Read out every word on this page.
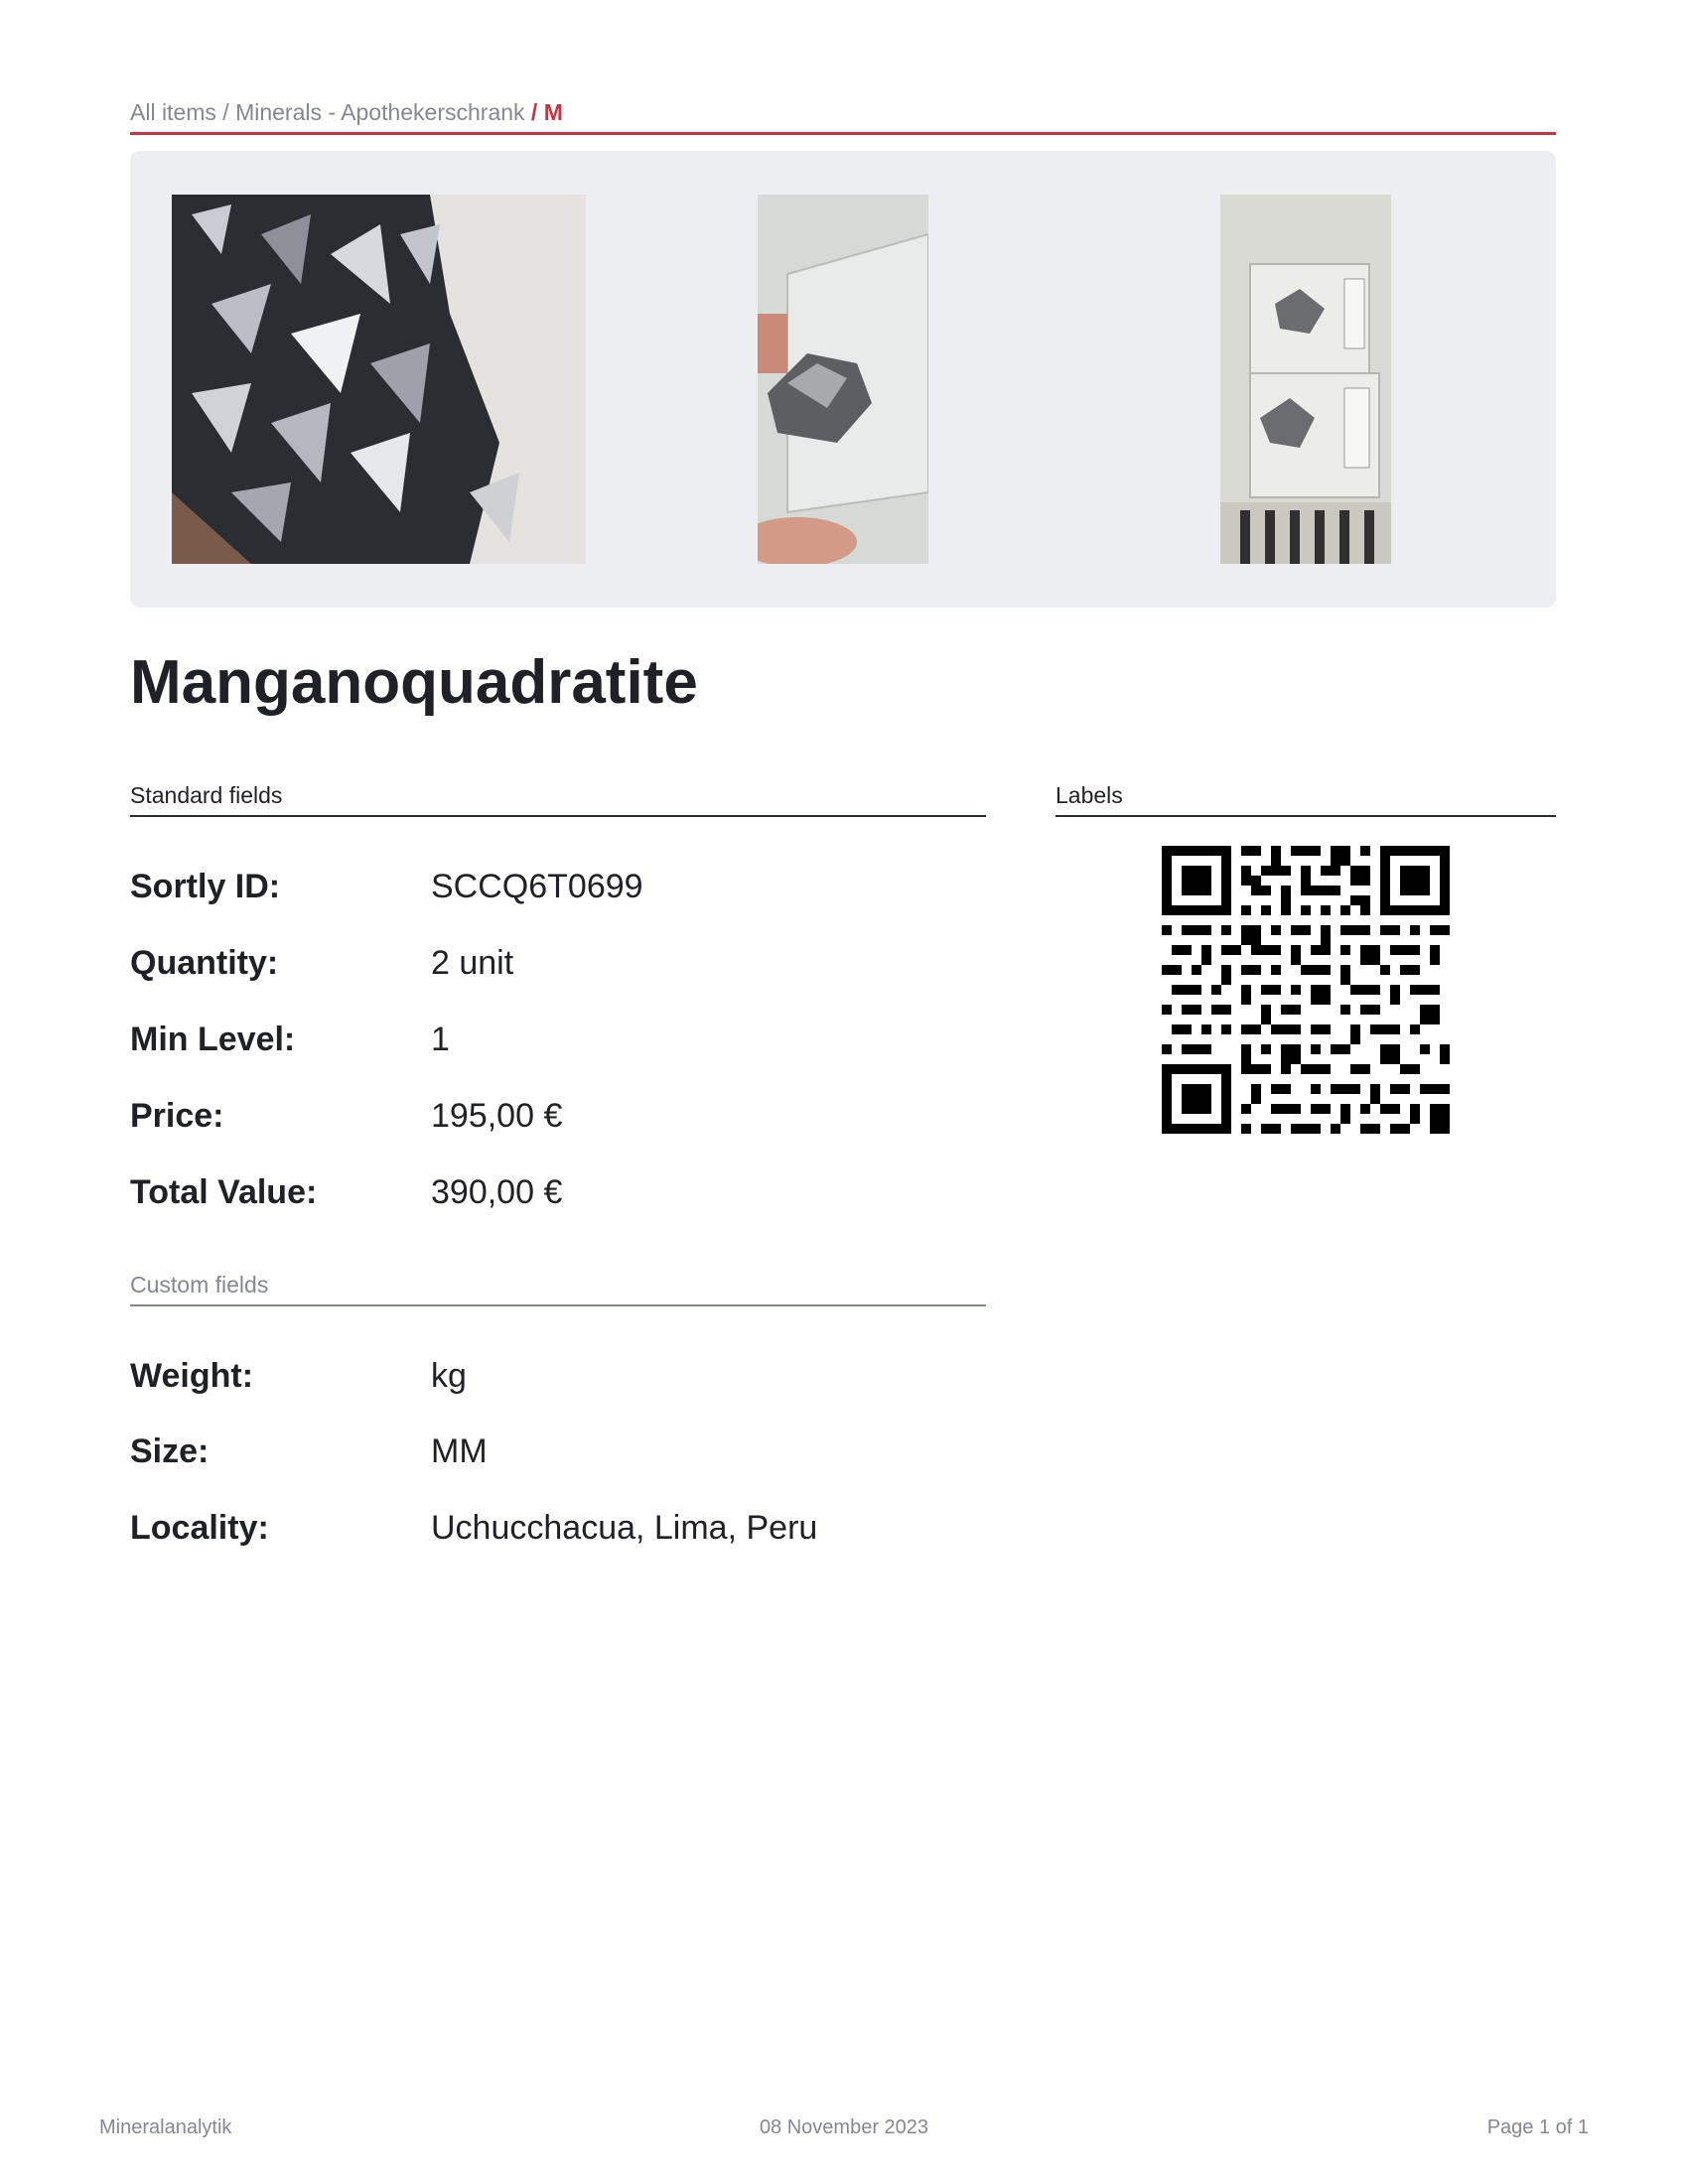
All items / Minerals - Apothekerschrank / M
Manganoquadratite
Standard fields	Labels
Custom fields
Sortly ID:	SCCQ6T0699
Quantity:	2 unit
Min Level:	1
Price:	195,00 €
Total Value:	390,00 €
Weight:	kg
Size:	MM
Locality:	Uchucchacua, Lima, Peru
Mineralanalytik	08 November 2023	Page 1 of 1
